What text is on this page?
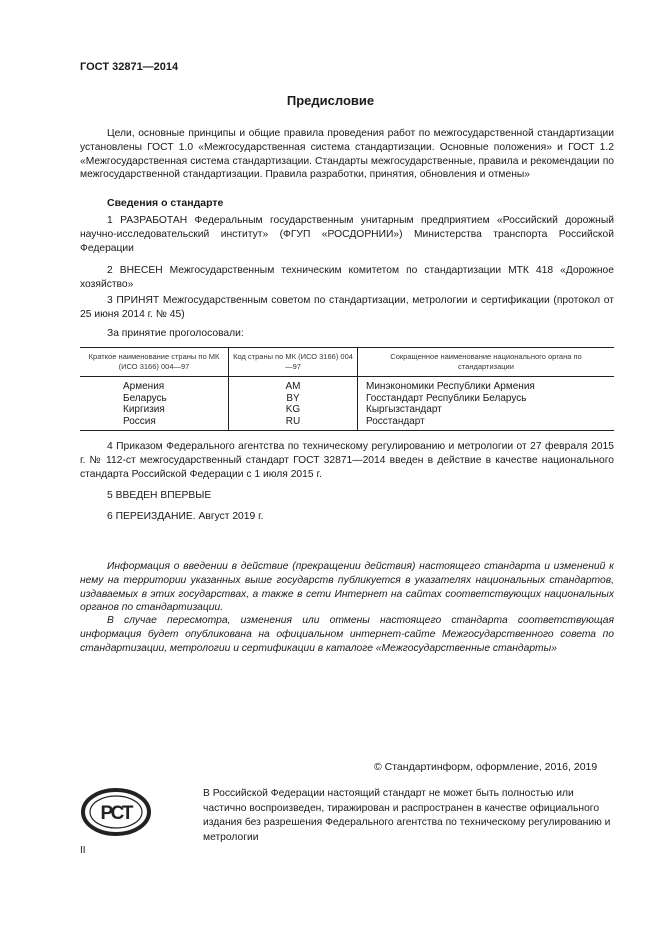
ГОСТ 32871—2014
Предисловие
Цели, основные принципы и общие правила проведения работ по межгосударственной стандартизации установлены ГОСТ 1.0 «Межгосударственная система стандартизации. Основные положения» и ГОСТ 1.2 «Межгосударственная система стандартизации. Стандарты межгосударственные, правила и рекомендации по межгосударственной стандартизации. Правила разработки, принятия, обновления и отмены»
Сведения о стандарте
1 РАЗРАБОТАН Федеральным государственным унитарным предприятием «Российский дорожный научно-исследовательский институт» (ФГУП «РОСДОРНИИ») Министерства транспорта Российской Федерации
2 ВНЕСЕН Межгосударственным техническим комитетом по стандартизации МТК 418 «Дорожное хозяйство»
3 ПРИНЯТ Межгосударственным советом по стандартизации, метрологии и сертификации (протокол от 25 июня 2014 г. № 45)
За принятие проголосовали:
Краткое наименование страны по МК (ИСО 3166) 004—97	Код страны по МК (ИСО 3166) 004—97	Сокращенное наименование национального органа по стандартизации
Армения	AM	Минэкономики Республики Армения
Беларусь	BY	Госстандарт Республики Беларусь
Киргизия	KG	Кыргызстандарт
Россия	RU	Росстандарт
4 Приказом Федерального агентства по техническому регулированию и метрологии от 27 февраля 2015 г. № 112-ст межгосударственный стандарт ГОСТ 32871—2014 введен в действие в качестве национального стандарта Российской Федерации с 1 июля 2015 г.
5 ВВЕДЕН ВПЕРВЫЕ
6 ПЕРЕИЗДАНИЕ. Август 2019 г.
Информация о введении в действие (прекращении действия) настоящего стандарта и изменений к нему на территории указанных выше государств публикуется в указателях национальных стандартов, издаваемых в этих государствах, а также в сети Интернет на сайтах соответствующих национальных органов по стандартизации.
В случае пересмотра, изменения или отмены настоящего стандарта соответствующая информация будет опубликована на официальном интернет-сайте Межгосударственного совета по стандартизации, метрологии и сертификации в каталоге «Межгосударственные стандарты»
© Стандартинформ, оформление, 2016, 2019
РСТ
В Российской Федерации настоящий стандарт не может быть полностью или частично воспроизведен, тиражирован и распространен в качестве официального издания без разрешения Федерального агентства по техническому регулированию и метрологии
II
